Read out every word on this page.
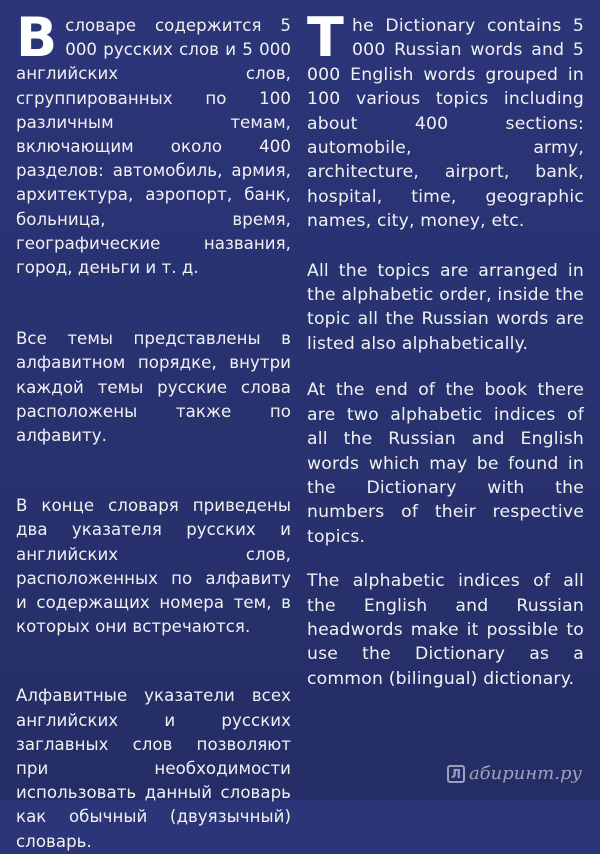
В словаре содержится 5 000 русских слов и 5 000 английских слов, сгруппированных по 100 различным темам, включающим около 400 разделов: автомобиль, армия, архитектура, аэропорт, банк, больница, время, географические названия, город, деньги и т. д.

Все темы представлены в алфавитном порядке, внутри каждой темы русские слова расположены также по алфавиту.

В конце словаря приведены два указателя русских и английских слов, расположенных по алфавиту и содержащих номера тем, в которых они встречаются.

Алфавитные указатели всех английских и русских заглавных слов позволяют при необходимости использовать данный словарь как обычный (двуязычный) словарь.

The Dictionary contains 5 000 Russian words and 5 000 English words grouped in 100 various topics including about 400 sections: automobile, army, architecture, airport, bank, hospital, time, geographic names, city, money, etc.

All the topics are arranged in the alphabetic order, inside the topic all the Russian words are listed also alphabetically.

At the end of the book there are two alphabetic indices of all the Russian and English words which may be found in the Dictionary with the numbers of their respective topics.

The alphabetic indices of all the English and Russian headwords make it possible to use the Dictionary as a common (bilingual) dictionary.

Л абиринт.ру
